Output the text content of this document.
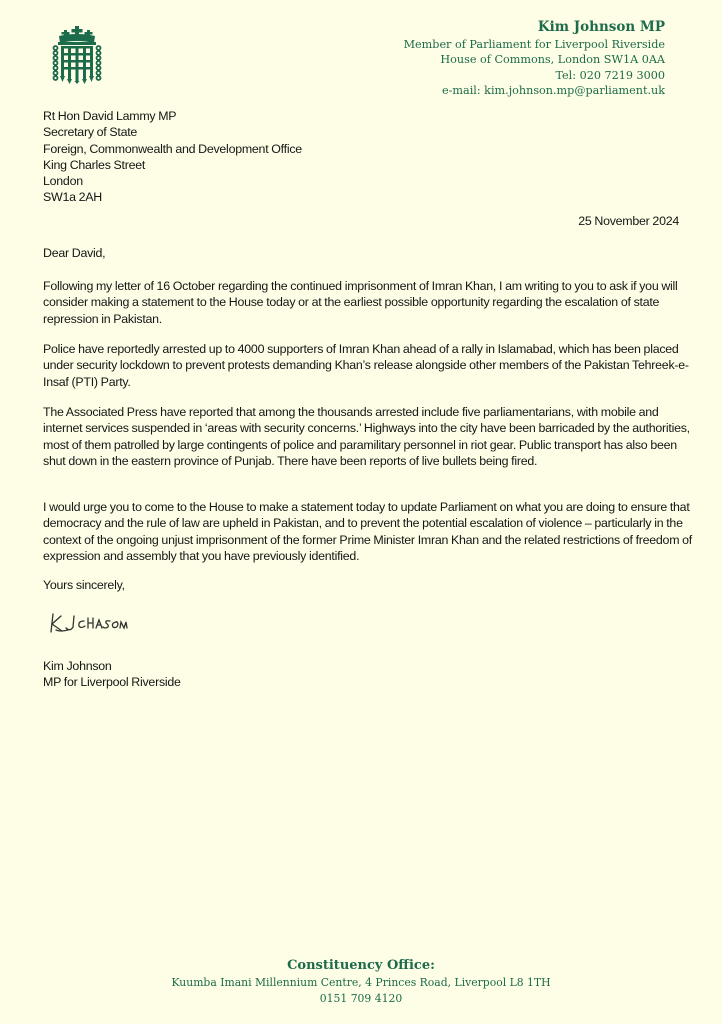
Kim Johnson MP
Member of Parliament for Liverpool Riverside
House of Commons, London SW1A 0AA
Tel: 020 7219 3000
e-mail: kim.johnson.mp@parliament.uk
Rt Hon David Lammy MP
Secretary of State
Foreign, Commonwealth and Development Office
King Charles Street
London
SW1a 2AH
25 November 2024
Dear David,

Following my letter of 16 October regarding the continued imprisonment of Imran Khan, I am writing to you to ask if you will consider making a statement to the House today or at the earliest possible opportunity regarding the escalation of state repression in Pakistan.

Police have reportedly arrested up to 4000 supporters of Imran Khan ahead of a rally in Islamabad, which has been placed under security lockdown to prevent protests demanding Khan’s release alongside other members of the Pakistan Tehreek-e-Insaf (PTI) Party.

The Associated Press have reported that among the thousands arrested include five parliamentarians, with mobile and internet services suspended in ‘areas with security concerns.’ Highways into the city have been barricaded by the authorities, most of them patrolled by large contingents of police and paramilitary personnel in riot gear. Public transport has also been shut down in the eastern province of Punjab. There have been reports of live bullets being fired.

I would urge you to come to the House to make a statement today to update Parliament on what you are doing to ensure that democracy and the rule of law are upheld in Pakistan, and to prevent the potential escalation of violence – particularly in the context of the ongoing unjust imprisonment of the former Prime Minister Imran Khan and the related restrictions of freedom of expression and assembly that you have previously identified.

Yours sincerely,
Kim Johnson
MP for Liverpool Riverside
Constituency Office:
Kuumba Imani Millennium Centre, 4 Princes Road, Liverpool L8 1TH
0151 709 4120
